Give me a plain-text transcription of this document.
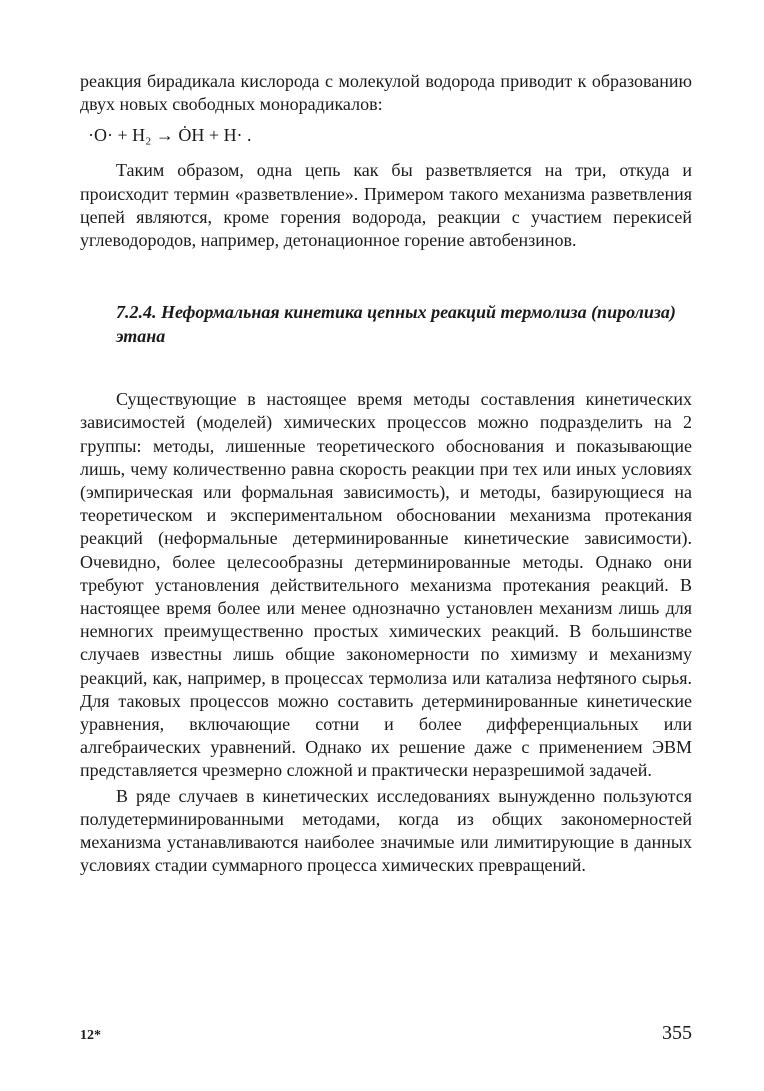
реакция бирадикала кислорода с молекулой водорода приводит к образованию двух новых свободных монорадикалов:

·O· + H₂ → ȮH + H· .

Таким образом, одна цепь как бы разветвляется на три, откуда и происходит термин «разветвление». Примером такого механизма разветвления цепей являются, кроме горения водорода, реакции с участием перекисей углеводородов, например, детонационное горение автобензинов.

7.2.4. Неформальная кинетика цепных реакций термолиза (пиролиза) этана

Существующие в настоящее время методы составления кинетических зависимостей (моделей) химических процессов можно подразделить на 2 группы: методы, лишенные теоретического обоснования и показывающие лишь, чему количественно равна скорость реакции при тех или иных условиях (эмпирическая или формальная зависимость), и методы, базирующиеся на теоретическом и экспериментальном обосновании механизма протекания реакций (неформальные детерминированные кинетические зависимости). Очевидно, более целесообразны детерминированные методы. Однако они требуют установления действительного механизма протекания реакций. В настоящее время более или менее однозначно установлен механизм лишь для немногих преимущественно простых химических реакций. В большинстве случаев известны лишь общие закономерности по химизму и механизму реакций, как, например, в процессах термолиза или катализа нефтяного сырья. Для таковых процессов можно составить детерминированные кинетические уравнения, включающие сотни и более дифференциальных или алгебраических уравнений. Однако их решение даже с применением ЭВМ представляется чрезмерно сложной и практически неразрешимой задачей.

В ряде случаев в кинетических исследованиях вынужденно пользуются полудетерминированными методами, когда из общих закономерностей механизма устанавливаются наиболее значимые или лимитирующие в данных условиях стадии суммарного процесса химических превращений.

12*	355
